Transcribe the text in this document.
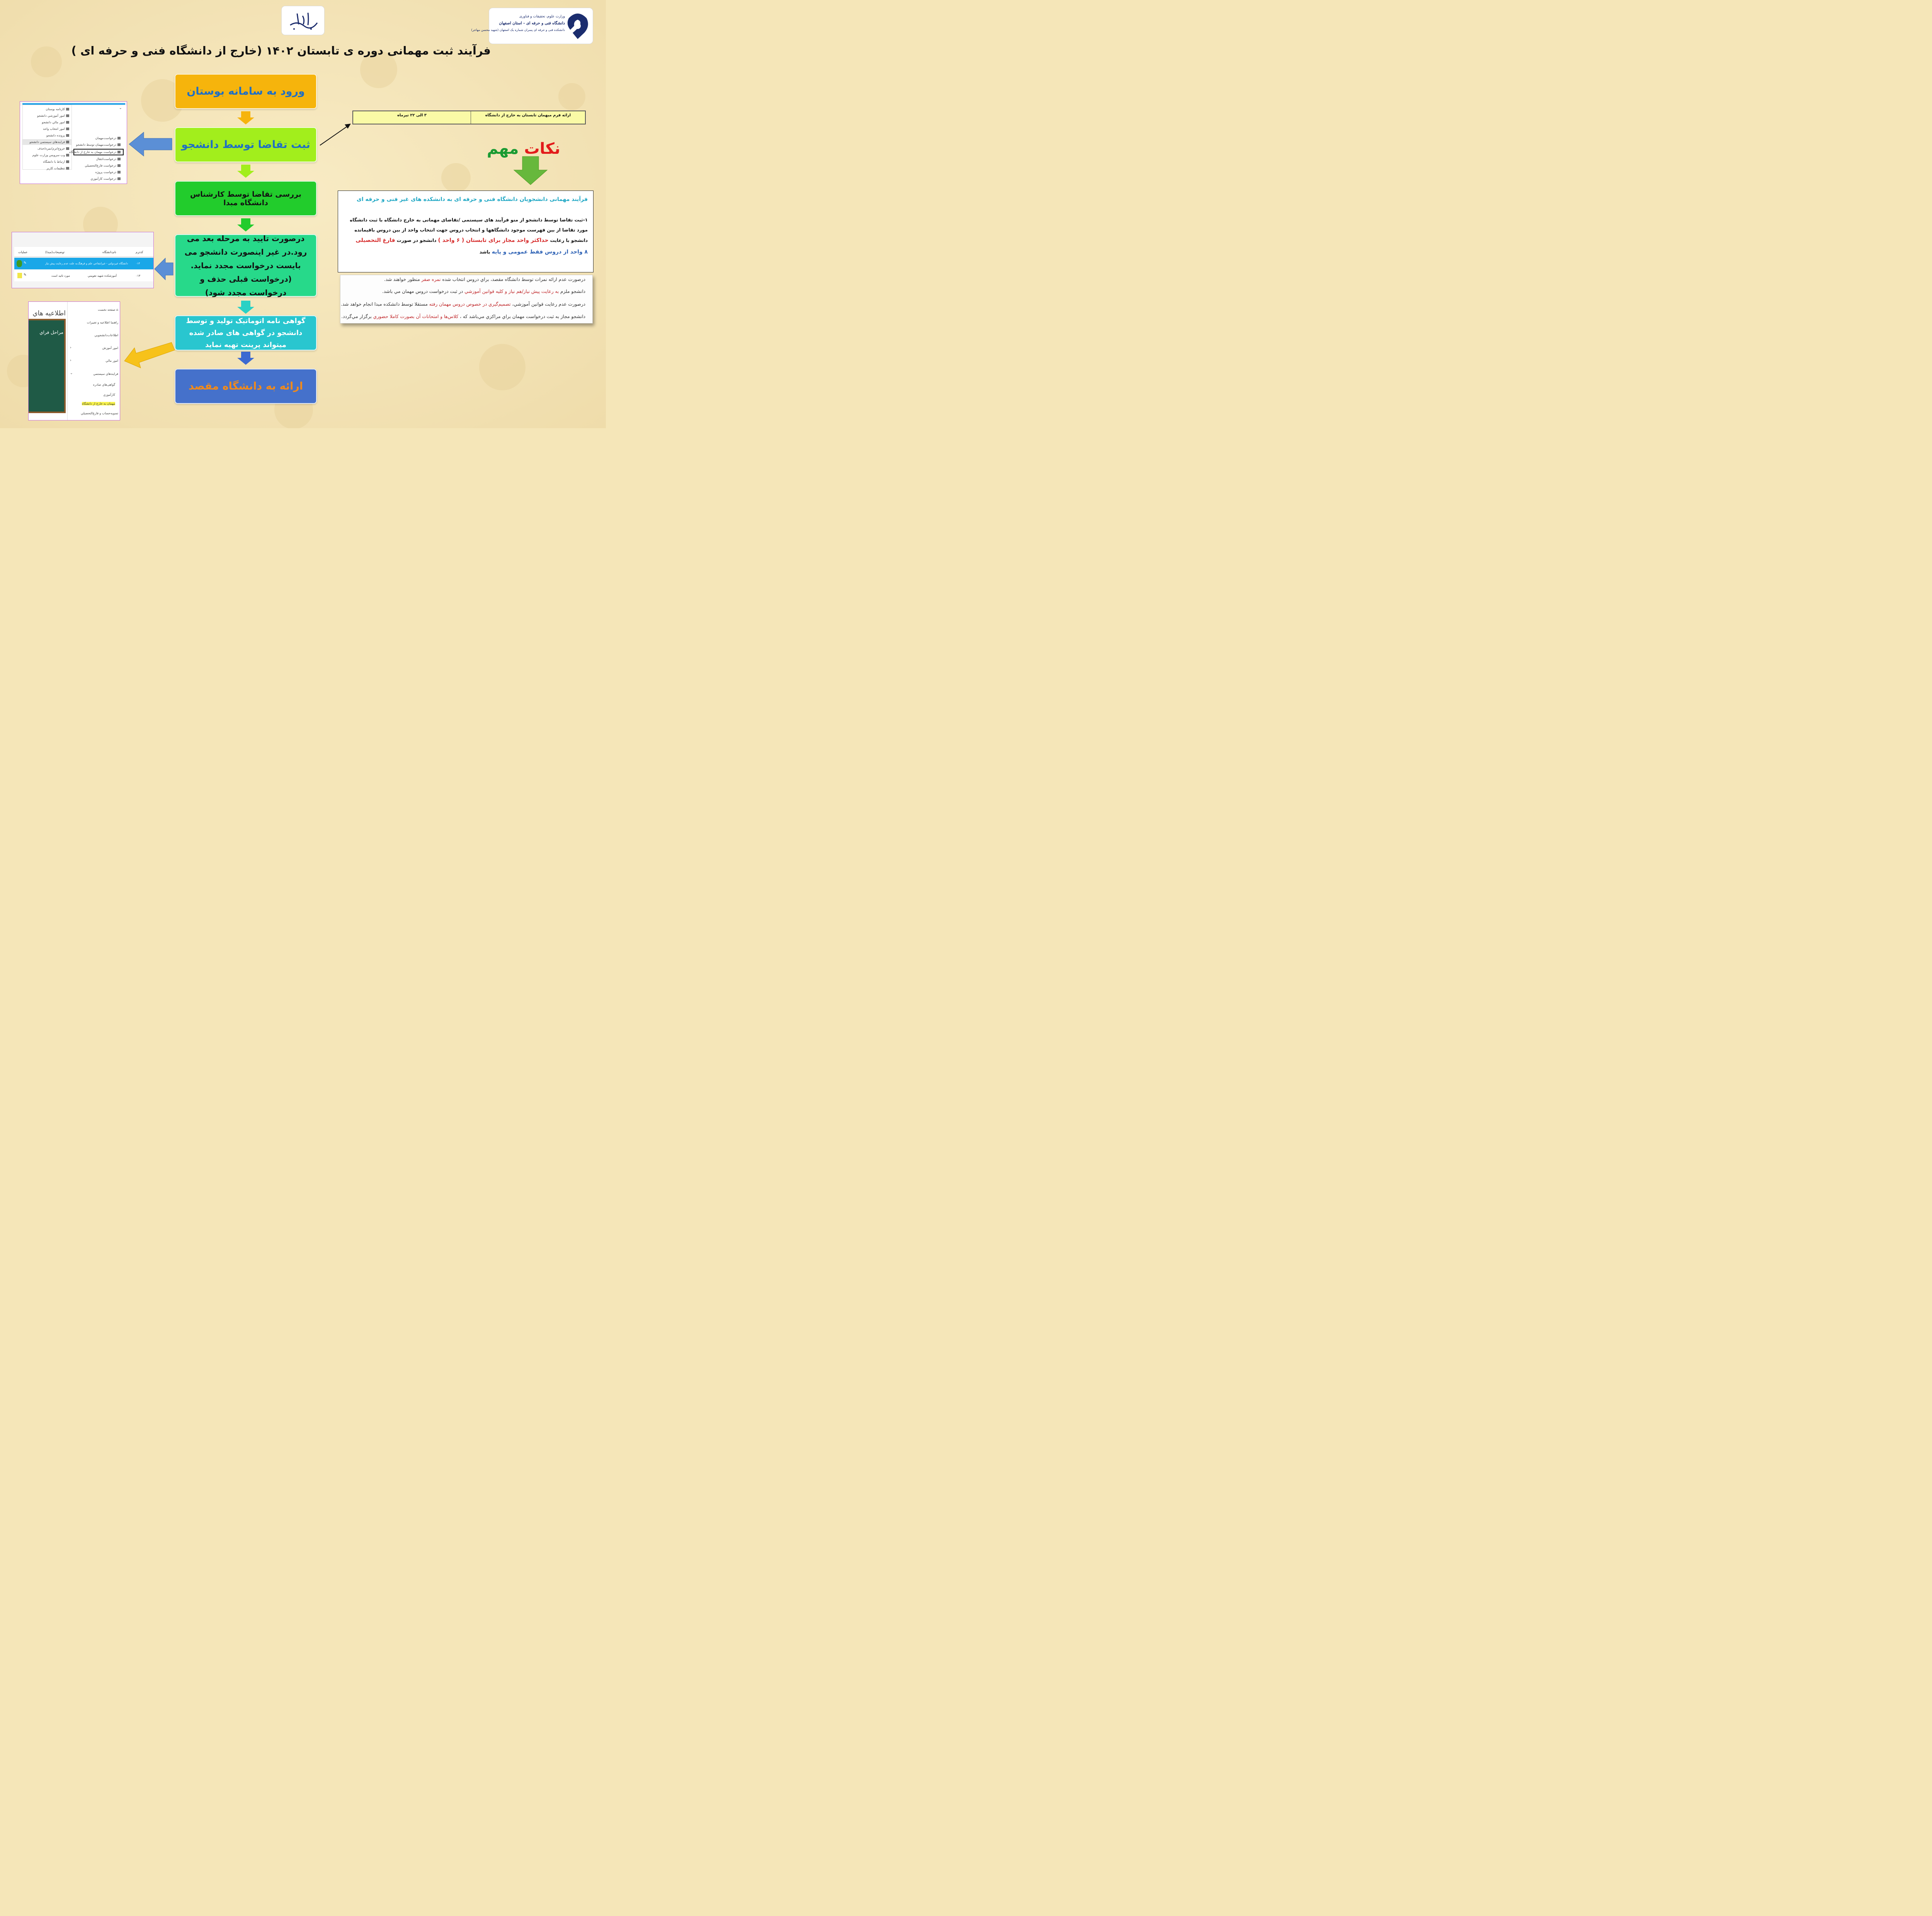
وزارت علوم، تحقیقات و فناوری
دانشگاه فنی و حرفه ای - استان اصفهان
دانشکده فنی و حرفه ای پسران شماره یک اصفهان (شهید محسن مهاجر)
فرآیند ثبت مهمانی دوره ی تابستان ۱۴۰۲ (خارج از دانشگاه فنی و حرفه ای )
ورود به سامانه بوستان
ثبت تقاضا توسط دانشجو
بررسی تقاضا توسط کارشناس دانشگاه مبدا
درصورت تایید به مرحله بعد می رود.در غیر اینصورت دانشجو می بایست درخواست مجدد نماید.(درخواست قبلی حذف و درخواست مجدد شود)
گواهی نامه اتوماتیک تولید و توسط دانشجو در گواهی های صادر شده میتواند پرینت تهیه نماید
ارائه به دانشگاه مقصد
کارنامه بوستان
امور آموزشي دانشجو
امور مالي دانشجو
امور انتخاب واحد
پرونده دانشجو
فرايندهاي سيستمي دانشجو
خروج/ترم/نمره/حذف
وب سرويس وزارت علوم
ارتباط با دانشگاه
تنظيمات کاربر
درخواست‌مهمان
درخواست‌مهمان توسط دانشجو
درخواست مهمان به خارج از دانشگاه
درخواست‌انتقال
درخواست فارغ‌التحصيلي
درخواست پروژه
درخواست کارآموزي
⌄
عملیات	توضیحات(مبدا)	نام‌دانشگاه	کدترم
✎	به علت عدم رعایت پیش نیاز دانشگاه غیردولتي - غيرانتفاعي علم و فرهنگ	۰۱۳
✎	مورد تائید است	آموزشکده شهید تقویمي	۰۱۳
اطلاعیه هاي
مراحل فراي
⌂ صفحه نخست
راهنما اطلاعیه و تغییرات
اطلاعات‌دانشجويي
امور آموزش
امور مالي
فرايندهاي سيستمي
گواهی‌هاي صادره
کارآموزي
مهمان به خارج از دانشگاه
تسويه‌حساب و فارغ‌التحصيلي
›
›
⌄
ارائه فرم میهمان تابستان به خارج از دانشگاه
۳ الی ۲۲ تیرماه
نکات مهم
فرآیند مهمانی دانشجویان دانشگاه فنی و حرفه ای به دانشکده های غیر فنی و حرفه ای
۱-ثبت تقاضا توسط دانشجو از منو فرآیند های سیستمی /تقاضای مهمانی به خارج دانشگاه با ثبت دانشگاه
مورد تقاضا از بین فهرست موجود دانشگاهها و انتخاب دروس جهت انتخاب واحد از بین دروس باقیمانده
دانشجو با رعایت حداکثر واحد مجاز برای تابستان ( ۶ واحد ) دانشجو در صورت فارغ التحصیلی
۸ واحد از دروس فقط عمومی و پایه باشد
درصورت عدم ارائه نمرات توسط دانشگاه مقصد، براي دروس انتخاب شده نمره صفر منظور خواهند شد.
دانشجو ملزم به رعايت پيش نياز/هم نياز و کليه قوانين آموزشي در ثبت درخواست دروس مهمان مي باشد.
درصورت عدم رعايت قوانين آموزشي، تصميم‌گيري در خصوص دروس مهمان رفته مستقلا توسط دانشکده مبدا انجام خواهد شد.
دانشجو مجاز به ثبت درخواست مهمان براي مراکزي مي‌باشد که ، کلاس‌ها و امتحانات آن بصورت کاملا حضوري برگزار مي‌گردد.
